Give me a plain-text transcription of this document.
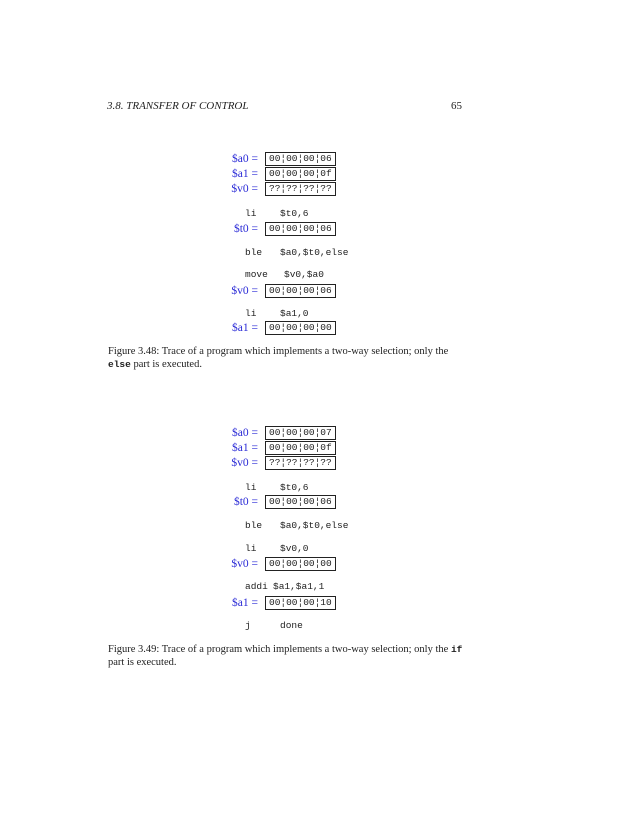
3.8. TRANSFER OF CONTROL	65
$a0 =	00¦00¦00¦06
$a1 =	00¦00¦00¦0f
$v0 =	??¦??¦??¦??
li $t0,6
$t0 =	00¦00¦00¦06
ble $a0,$t0,else
move $v0,$a0
$v0 =	00¦00¦00¦06
li $a1,0
$a1 =	00¦00¦00¦00
Figure 3.48: Trace of a program which implements a two-way selection; only the else part is executed.
$a0 =	00¦00¦00¦07
$a1 =	00¦00¦00¦0f
$v0 =	??¦??¦??¦??
li $t0,6
$t0 =	00¦00¦00¦06
ble $a0,$t0,else
li $v0,0
$v0 =	00¦00¦00¦00
addi $a1,$a1,1
$a1 =	00¦00¦00¦10
j	done
Figure 3.49: Trace of a program which implements a two-way selection; only the if part is executed.
